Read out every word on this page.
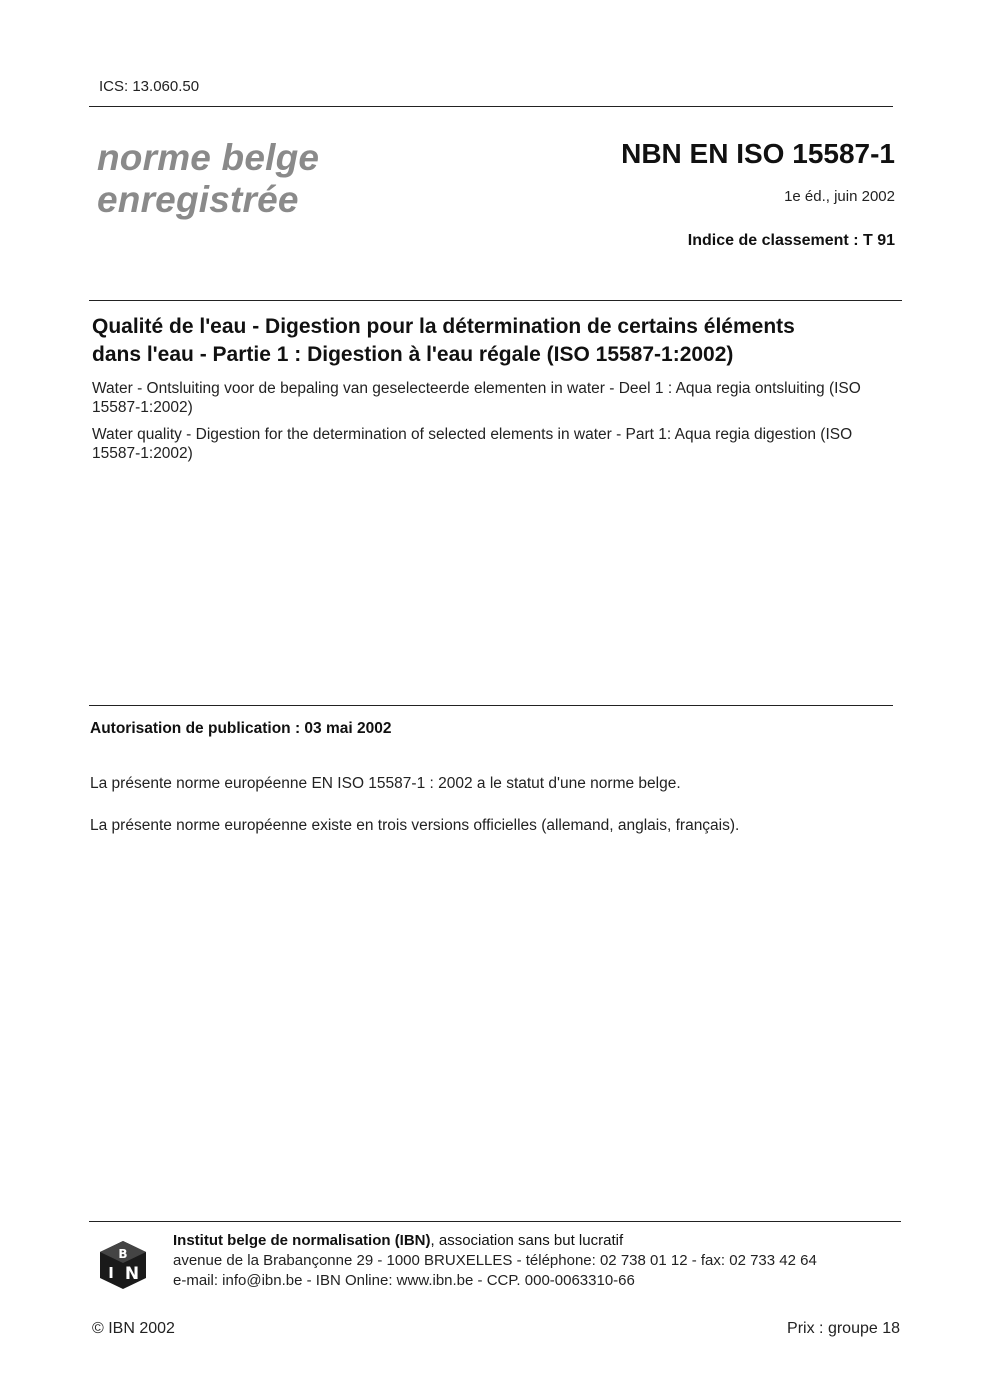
ICS: 13.060.50
norme belge
enregistrée
NBN EN ISO 15587-1
1e éd., juin 2002
Indice de classement : T 91
Qualité de l'eau - Digestion pour la détermination de certains éléments
dans l'eau - Partie 1 : Digestion à l'eau régale (ISO 15587-1:2002)
Water - Ontsluiting voor de bepaling van geselecteerde elementen in water - Deel 1 : Aqua regia ontsluiting (ISO 15587-1:2002)
Water quality - Digestion for the determination of selected elements in water - Part 1: Aqua regia digestion (ISO 15587-1:2002)
Autorisation de publication : 03 mai 2002
La présente norme européenne EN ISO 15587-1 : 2002 a le statut d'une norme belge.
La présente norme européenne existe en trois versions officielles (allemand, anglais, français).
B
I N
Institut belge de normalisation (IBN), association sans but lucratif
avenue de la Brabançonne 29 - 1000 BRUXELLES - téléphone: 02 738 01 12 - fax: 02 733 42 64
e-mail: info@ibn.be - IBN Online: www.ibn.be - CCP. 000-0063310-66
© IBN 2002	Prix : groupe 18
